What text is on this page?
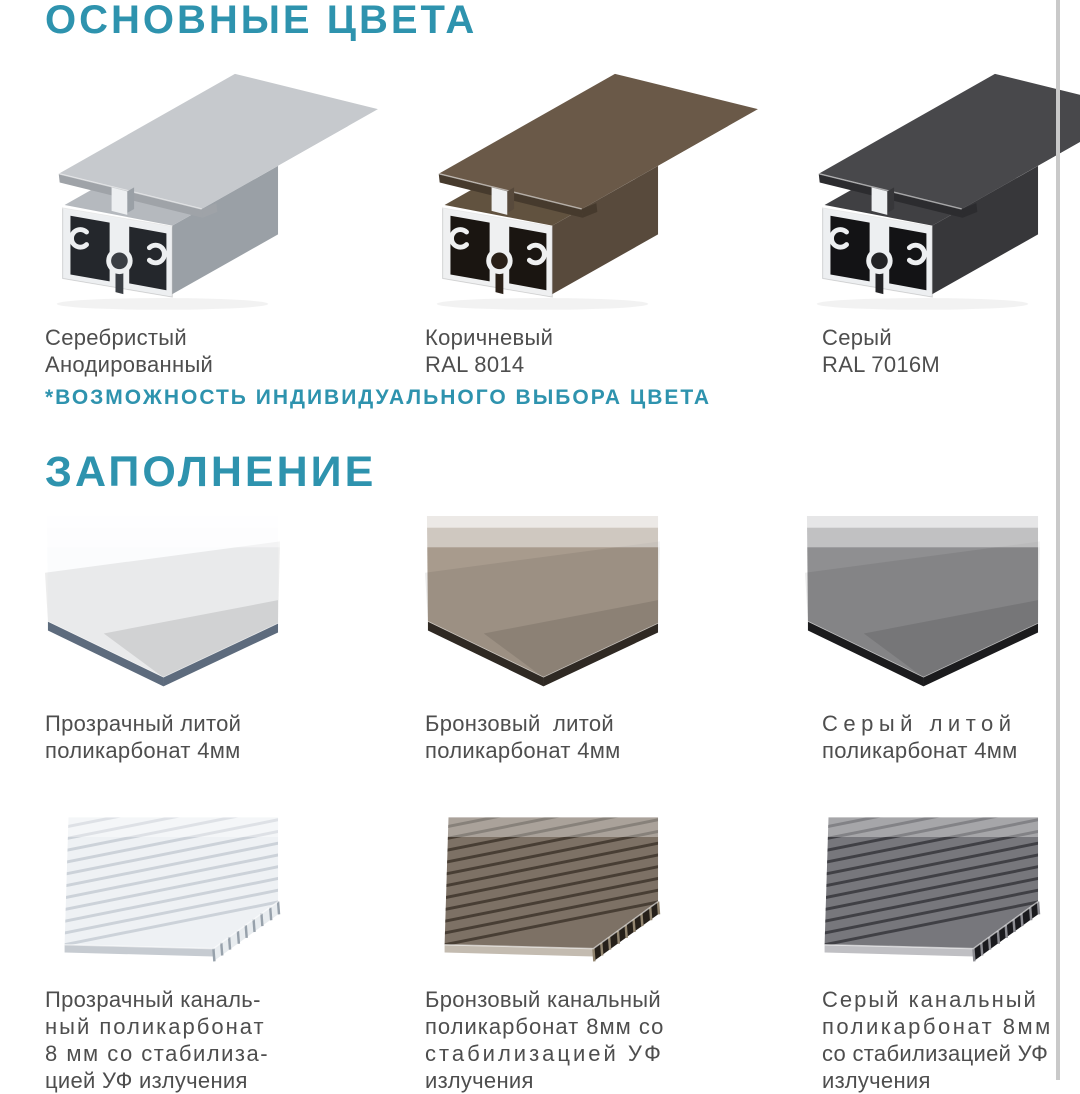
ОСНОВНЫЕ ЦВЕТА
Серебристый
Анодированный
Коричневый
RAL 8014
Серый
RAL 7016M
*ВОЗМОЖНОСТЬ ИНДИВИДУАЛЬНОГО ВЫБОРА ЦВЕТА
ЗАПОЛНЕНИЕ
Прозрачный литой
поликарбонат 4мм
Бронзовый литой
поликарбонат 4мм
Серый литой
поликарбонат 4мм
Прозрачный каналь-
ный поликарбонат
8 мм со стабилиза-
цией УФ излучения
Бронзовый канальный
поликарбонат 8мм со
стабилизацией УФ
излучения
Серый канальный
поликарбонат 8мм
со стабилизацией УФ
излучения
